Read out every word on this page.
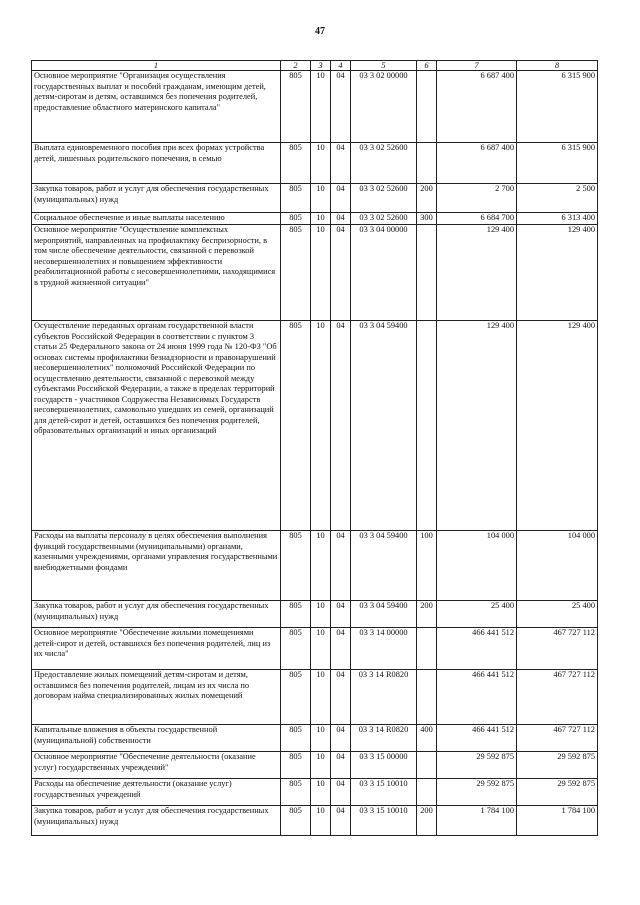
47
1	2	3	4	5	6	7	8
Основное мероприятие "Организация осуществления государственных выплат и пособий гражданам, имеющим детей, детям-сиротам и детям, оставшимся без попечения родителей, предоставление областного материнского капитала"	805	10	04	03 3 02 00000		6 687 400	6 315 900
Выплата единовременного пособия при всех формах устройства детей, лишенных родительского попечения, в семью	805	10	04	03 3 02 52600		6 687 400	6 315 900
Закупка товаров, работ и услуг для обеспечения государственных (муниципальных) нужд	805	10	04	03 3 02 52600	200	2 700	2 500
Социальное обеспечение и иные выплаты населению	805	10	04	03 3 02 52600	300	6 684 700	6 313 400
Основное мероприятие "Осуществление комплексных мероприятий, направленных на профилактику беспризорности, в том числе обеспечение деятельности, связанной с перевозкой несовершеннолетних и повышением эффективности реабилитационной работы с несовершеннолетними, находящимися в трудной жизненной ситуации"	805	10	04	03 3 04 00000		129 400	129 400
Осуществление переданных органам государственной власти субъектов Российской Федерации в соответствии с пунктом 3 статьи 25 Федерального закона от 24 июня 1999 года № 120-ФЗ "Об основах системы профилактики безнадзорности и правонарушений несовершеннолетних" полномочий Российской Федерации по осуществлению деятельности, связанной с перевозкой между субъектами Российской Федерации, а также в пределах территорий государств - участников Содружества Независимых Государств несовершеннолетних, самовольно ушедших из семей, организаций для детей-сирот и детей, оставшихся без попечения родителей, образовательных организаций и иных организаций	805	10	04	03 3 04 59400		129 400	129 400
Расходы на выплаты персоналу в целях обеспечения выполнения функций государственными (муниципальными) органами, казенными учреждениями, органами управления государственными внебюджетными фондами	805	10	04	03 3 04 59400	100	104 000	104 000
Закупка товаров, работ и услуг для обеспечения государственных (муниципальных) нужд	805	10	04	03 3 04 59400	200	25 400	25 400
Основное мероприятие "Обеспечение жилыми помещениями детей-сирот и детей, оставшихся без попечения родителей, лиц из их числа"	805	10	04	03 3 14 00000		466 441 512	467 727 112
Предоставление жилых помещений детям-сиротам и детям, оставшимся без попечения родителей, лицам из их числа по договорам найма специализированных жилых помещений	805	10	04	03 3 14 R0820		466 441 512	467 727 112
Капитальные вложения в объекты государственной (муниципальной) собственности	805	10	04	03 3 14 R0820	400	466 441 512	467 727 112
Основное мероприятие "Обеспечение деятельности (оказание услуг) государственных учреждений"	805	10	04	03 3 15 00000		29 592 875	29 592 875
Расходы на обеспечение деятельности (оказание услуг) государственных учреждений	805	10	04	03 3 15 10010		29 592 875	29 592 875
Закупка товаров, работ и услуг для обеспечения государственных (муниципальных) нужд	805	10	04	03 3 15 10010	200	1 784 100	1 784 100
